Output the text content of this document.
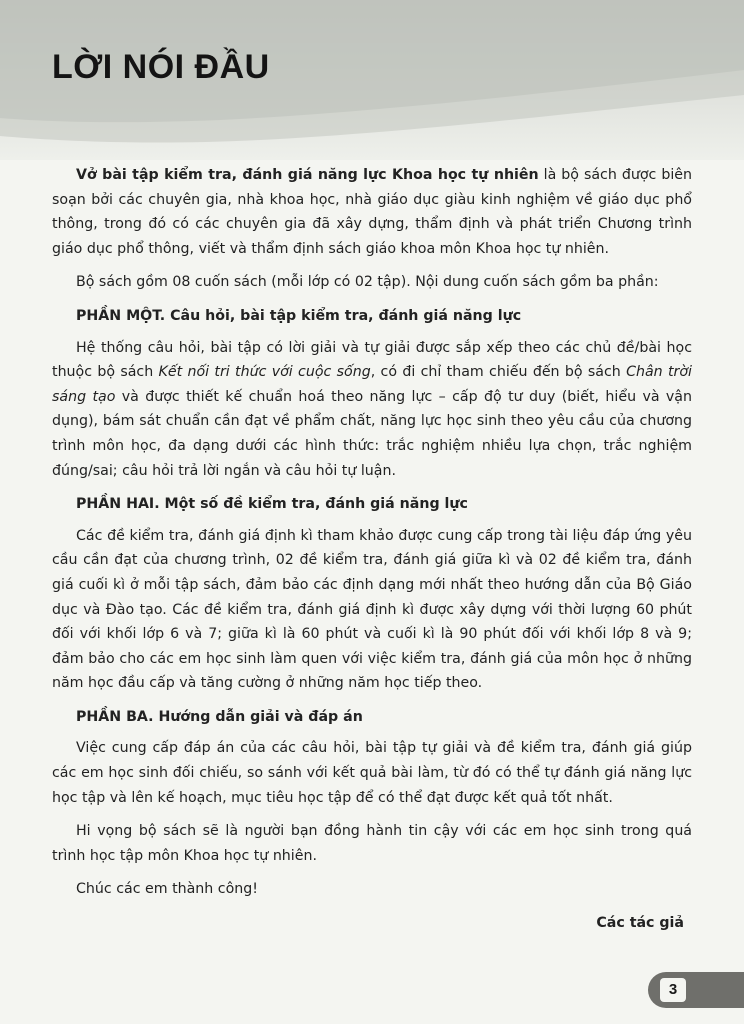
LỜI NÓI ĐẦU

Vở bài tập kiểm tra, đánh giá năng lực Khoa học tự nhiên là bộ sách được biên soạn bởi các chuyên gia, nhà khoa học, nhà giáo dục giàu kinh nghiệm về giáo dục phổ thông, trong đó có các chuyên gia đã xây dựng, thẩm định và phát triển Chương trình giáo dục phổ thông, viết và thẩm định sách giáo khoa môn Khoa học tự nhiên.

Bộ sách gồm 08 cuốn sách (mỗi lớp có 02 tập). Nội dung cuốn sách gồm ba phần:

PHẦN MỘT. Câu hỏi, bài tập kiểm tra, đánh giá năng lực

Hệ thống câu hỏi, bài tập có lời giải và tự giải được sắp xếp theo các chủ đề/bài học thuộc bộ sách Kết nối tri thức với cuộc sống, có đi chỉ tham chiếu đến bộ sách Chân trời sáng tạo và được thiết kế chuẩn hoá theo năng lực – cấp độ tư duy (biết, hiểu và vận dụng), bám sát chuẩn cần đạt về phẩm chất, năng lực học sinh theo yêu cầu của chương trình môn học, đa dạng dưới các hình thức: trắc nghiệm nhiều lựa chọn, trắc nghiệm đúng/sai; câu hỏi trả lời ngắn và câu hỏi tự luận.

PHẦN HAI. Một số đề kiểm tra, đánh giá năng lực

Các đề kiểm tra, đánh giá định kì tham khảo được cung cấp trong tài liệu đáp ứng yêu cầu cần đạt của chương trình, 02 đề kiểm tra, đánh giá giữa kì và 02 đề kiểm tra, đánh giá cuối kì ở mỗi tập sách, đảm bảo các định dạng mới nhất theo hướng dẫn của Bộ Giáo dục và Đào tạo. Các đề kiểm tra, đánh giá định kì được xây dựng với thời lượng 60 phút đối với khối lớp 6 và 7; giữa kì là 60 phút và cuối kì là 90 phút đối với khối lớp 8 và 9; đảm bảo cho các em học sinh làm quen với việc kiểm tra, đánh giá của môn học ở những năm học đầu cấp và tăng cường ở những năm học tiếp theo.

PHẦN BA. Hướng dẫn giải và đáp án

Việc cung cấp đáp án của các câu hỏi, bài tập tự giải và đề kiểm tra, đánh giá giúp các em học sinh đối chiếu, so sánh với kết quả bài làm, từ đó có thể tự đánh giá năng lực học tập và lên kế hoạch, mục tiêu học tập để có thể đạt được kết quả tốt nhất.

Hi vọng bộ sách sẽ là người bạn đồng hành tin cậy với các em học sinh trong quá trình học tập môn Khoa học tự nhiên.

Chúc các em thành công!

Các tác giả

3
